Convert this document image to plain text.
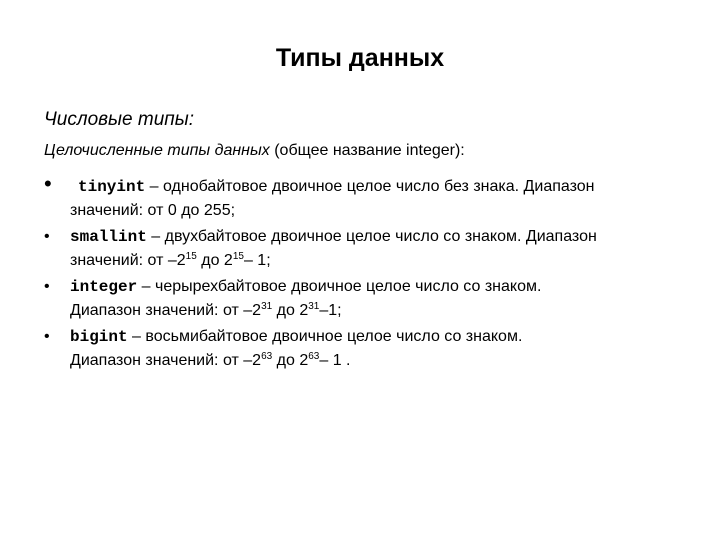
Типы данных
Числовые типы:
Целочисленные типы данных (общее название integer):
•	tinyint – однобайтовое двоичное целое число без знака. Диапазон
значений: от 0 до 255;
•	smallint – двухбайтовое двоичное целое число со знаком. Диапазон
значений: от $-2^{15}$ до $2^{15}-$ 1;
•	integer – черырехбайтовое двоичное целое число со знаком.
Диапазон значений: от $-2^{31}$ до $2^{31}-1$;
•	bigint – восьмибайтовое двоичное целое число со знаком.
Диапазон значений: от $-2^{63}$ до $2^{63}-$ 1 .
